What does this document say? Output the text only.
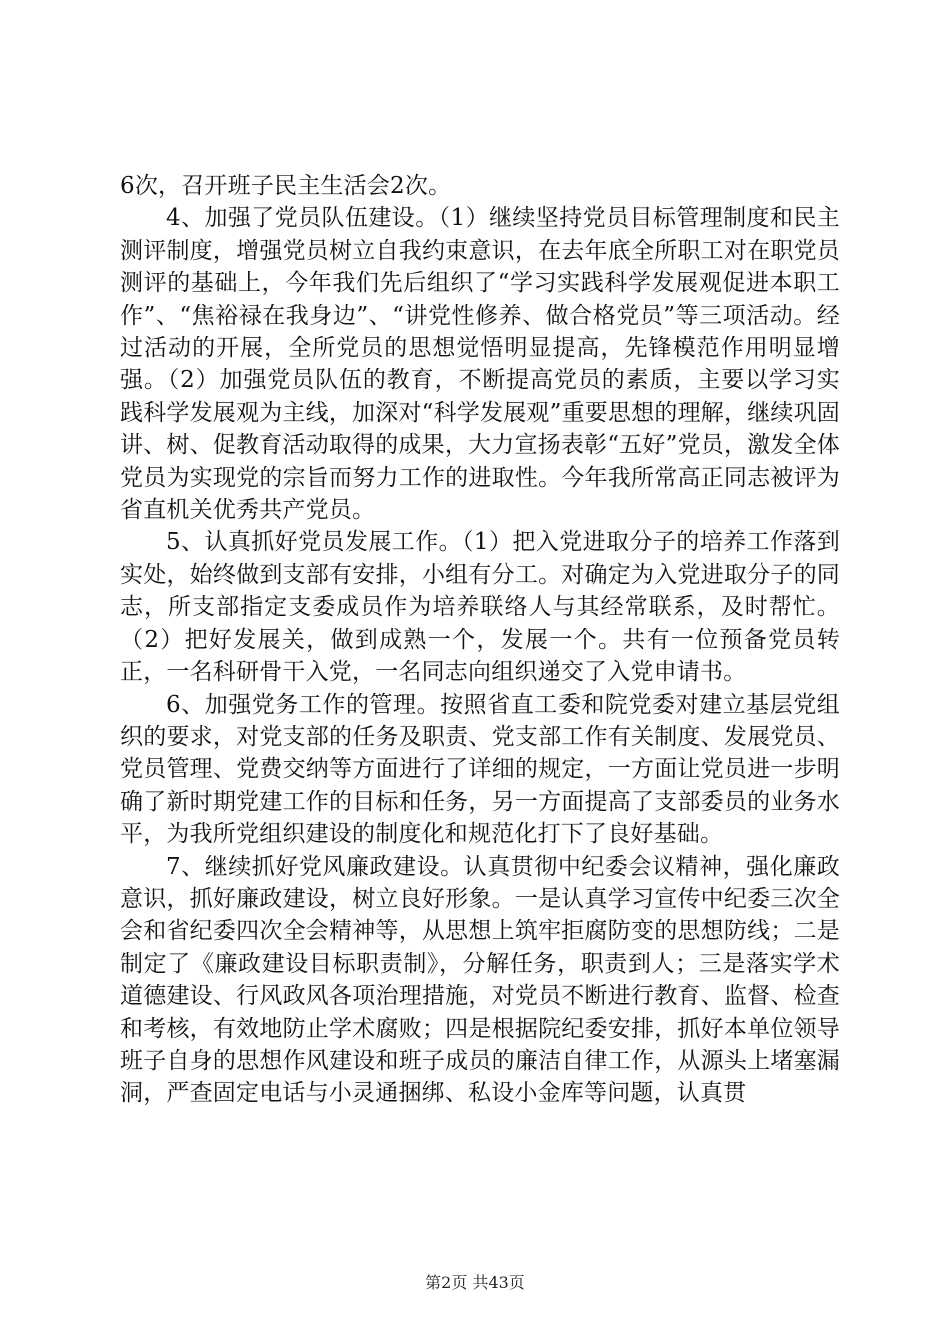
6次，召开班子民主生活会2次。

4、加强了党员队伍建设。（1）继续坚持党员目标管理制度和民主测评制度，增强党员树立自我约束意识，在去年底全所职工对在职党员测评的基础上，今年我们先后组织了“学习实践科学发展观促进本职工作”、“焦裕禄在我身边”、“讲党性修养、做合格党员”等三项活动。经过活动的开展，全所党员的思想觉悟明显提高，先锋模范作用明显增强。（2）加强党员队伍的教育，不断提高党员的素质，主要以学习实践科学发展观为主线，加深对“科学发展观”重要思想的理解，继续巩固讲、树、促教育活动取得的成果，大力宣扬表彰“五好”党员，激发全体党员为实现党的宗旨而努力工作的进取性。今年我所常高正同志被评为省直机关优秀共产党员。

5、认真抓好党员发展工作。（1）把入党进取分子的培养工作落到实处，始终做到支部有安排，小组有分工。对确定为入党进取分子的同志，所支部指定支委成员作为培养联络人与其经常联系，及时帮忙。（2）把好发展关，做到成熟一个，发展一个。共有一位预备党员转正，一名科研骨干入党，一名同志向组织递交了入党申请书。

6、加强党务工作的管理。按照省直工委和院党委对建立基层党组织的要求，对党支部的任务及职责、党支部工作有关制度、发展党员、党员管理、党费交纳等方面进行了详细的规定，一方面让党员进一步明确了新时期党建工作的目标和任务，另一方面提高了支部委员的业务水平，为我所党组织建设的制度化和规范化打下了良好基础。

7、继续抓好党风廉政建设。认真贯彻中纪委会议精神，强化廉政意识，抓好廉政建设，树立良好形象。一是认真学习宣传中纪委三次全会和省纪委四次全会精神等，从思想上筑牢拒腐防变的思想防线；二是制定了《廉政建设目标职责制》，分解任务，职责到人；三是落实学术道德建设、行风政风各项治理措施，对党员不断进行教育、监督、检查和考核，有效地防止学术腐败；四是根据院纪委安排，抓好本单位领导班子自身的思想作风建设和班子成员的廉洁自律工作，从源头上堵塞漏洞，严查固定电话与小灵通捆绑、私设小金库等问题，认真贯

第2页 共43页
